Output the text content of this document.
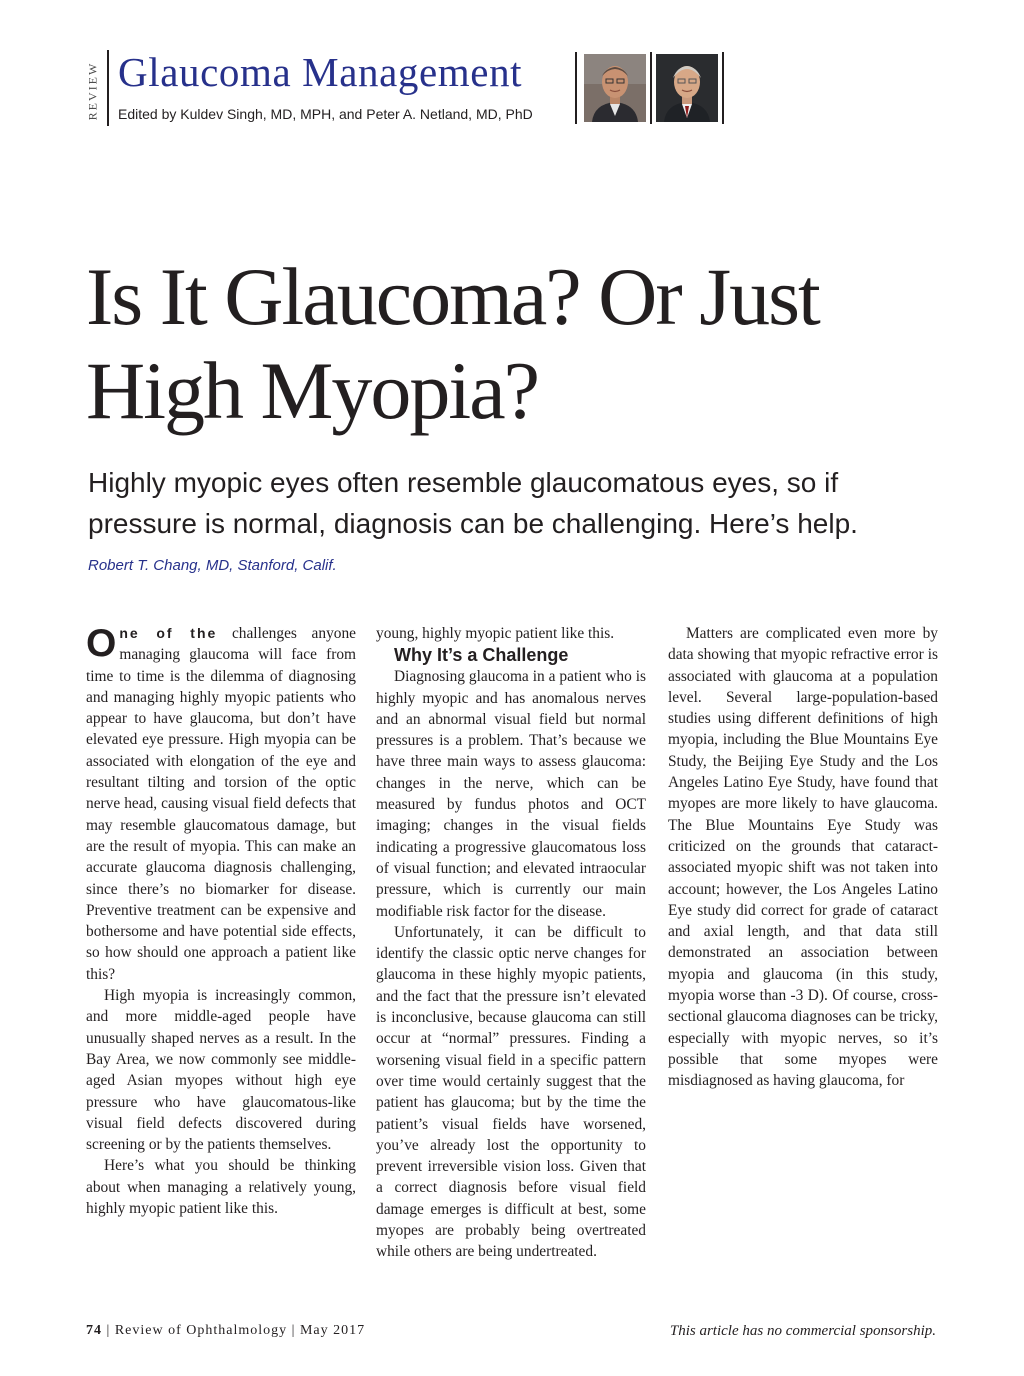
REVIEW Glaucoma Management
Edited by Kuldev Singh, MD, MPH, and Peter A. Netland, MD, PhD
Is It Glaucoma? Or Just High Myopia?

Highly myopic eyes often resemble glaucomatous eyes, so if pressure is normal, diagnosis can be challenging. Here’s help.

Robert T. Chang, MD, Stanford, Calif.

One of the challenges anyone managing glaucoma will face from time to time is the dilemma of diagnosing and managing highly myopic patients who appear to have glaucoma, but don’t have elevated eye pressure. High myopia can be associated with elongation of the eye and resultant tilting and torsion of the optic nerve head, causing visual field defects that may resemble glaucomatous damage, but are the result of myopia. This can make an accurate glaucoma diagnosis challenging, since there’s no biomarker for disease. Preventive treatment can be expensive and bothersome and have potential side effects, so how should one approach a patient like this?

High myopia is increasingly common, and more middle-aged people have unusually shaped nerves as a result. In the Bay Area, we now commonly see middle-aged Asian myopes without high eye pressure who have glaucomatous-like visual field defects discovered during screening or by the patients themselves.

Here’s what you should be thinking about when managing a relatively young, highly myopic patient like this.

young, highly myopic patient like this.

Why It’s a Challenge

Diagnosing glaucoma in a patient who is highly myopic and has anomalous nerves and an abnormal visual field but normal pressures is a problem. That’s because we have three main ways to assess glaucoma: changes in the nerve, which can be measured by fundus photos and OCT imaging; changes in the visual fields indicating a progressive glaucomatous loss of visual function; and elevated intraocular pressure, which is currently our main modifiable risk factor for the disease.

Unfortunately, it can be difficult to identify the classic optic nerve changes for glaucoma in these highly myopic patients, and the fact that the pressure isn’t elevated is inconclusive, because glaucoma can still occur at “normal” pressures. Finding a worsening visual field in a specific pattern over time would certainly suggest that the patient has glaucoma; but by the time the patient’s visual fields have worsened, you’ve already lost the opportunity to prevent irreversible vision loss. Given that a correct diagnosis before visual field damage emerges is difficult at best, some myopes are probably being overtreated while others are being undertreated.

Matters are complicated even more by data showing that myopic refractive error is associated with glaucoma at a population level. Several large-population-based studies using different definitions of high myopia, including the Blue Mountains Eye Study, the Beijing Eye Study and the Los Angeles Latino Eye Study, have found that myopes are more likely to have glaucoma. The Blue Mountains Eye Study was criticized on the grounds that cataract-associated myopic shift was not taken into account; however, the Los Angeles Latino Eye study did correct for grade of cataract and axial length, and that data still demonstrated an association between myopia and glaucoma (in this study, myopia worse than -3 D). Of course, cross-sectional glaucoma diagnoses can be tricky, especially with myopic nerves, so it’s possible that some myopes were misdiagnosed as having glaucoma, for

74 | Review of Ophthalmology | May 2017	This article has no commercial sponsorship.
